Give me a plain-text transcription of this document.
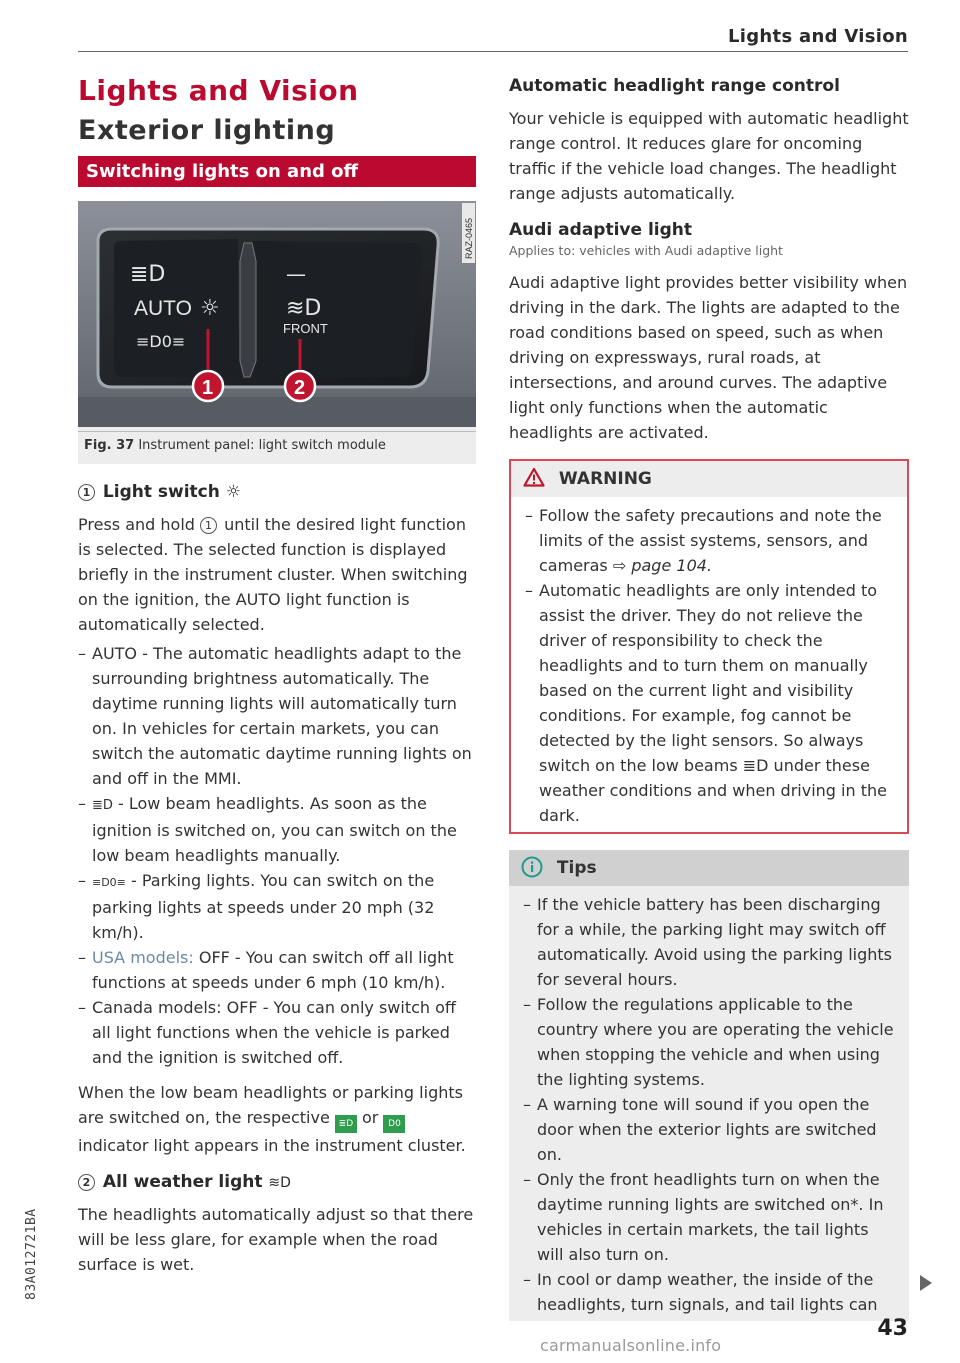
Lights and Vision
83A012721BA
Lights and Vision
Exterior lighting
Switching lights on and off
≣D
AUTO ☼
≡D0≡
—
≋D
FRONT
1	2
RAZ-0465
Fig. 37 Instrument panel: light switch module
1 Light switch ☼

Press and hold 1 until the desired light function is selected. The selected function is displayed briefly in the instrument cluster. When switching on the ignition, the AUTO light function is automatically selected.

– AUTO - The automatic headlights adapt to the surrounding brightness automatically. The daytime running lights will automatically turn on. In vehicles for certain markets, you can switch the automatic daytime running lights on and off in the MMI.
– ≣D - Low beam headlights. As soon as the ignition is switched on, you can switch on the low beam headlights manually.
– ≡D0≡ - Parking lights. You can switch on the parking lights at speeds under 20 mph (32 km/h).
– USA models: OFF - You can switch off all light functions at speeds under 6 mph (10 km/h).
– Canada models: OFF - You can only switch off all light functions when the vehicle is parked and the ignition is switched off.

When the low beam headlights or parking lights are switched on, the respective ≣D or D0 indicator light appears in the instrument cluster.

2 All weather light ≋D

The headlights automatically adjust so that there will be less glare, for example when the road surface is wet.

Automatic headlight range control
Your vehicle is equipped with automatic headlight range control. It reduces glare for oncoming traffic if the vehicle load changes. The headlight range adjusts automatically.
Audi adaptive light
Applies to: vehicles with Audi adaptive light
Audi adaptive light provides better visibility when driving in the dark. The lights are adapted to the road conditions based on speed, such as when driving on expressways, rural roads, at intersections, and around curves. The adaptive light only functions when the automatic headlights are activated.
WARNING
– Follow the safety precautions and note the limits of the assist systems, sensors, and cameras ⇨ page 104.
– Automatic headlights are only intended to assist the driver. They do not relieve the driver of responsibility to check the headlights and to turn them on manually based on the current light and visibility conditions. For example, fog cannot be detected by the light sensors. So always switch on the low beams ≣D under these weather conditions and when driving in the dark.
Tips
– If the vehicle battery has been discharging for a while, the parking light may switch off automatically. Avoid using the parking lights for several hours.
– Follow the regulations applicable to the country where you are operating the vehicle when stopping the vehicle and when using the lighting systems.
– A warning tone will sound if you open the door when the exterior lights are switched on.
– Only the front headlights turn on when the daytime running lights are switched on*. In vehicles in certain markets, the tail lights will also turn on.
– In cool or damp weather, the inside of the headlights, turn signals, and tail lights can
43
carmanualsonline.info
